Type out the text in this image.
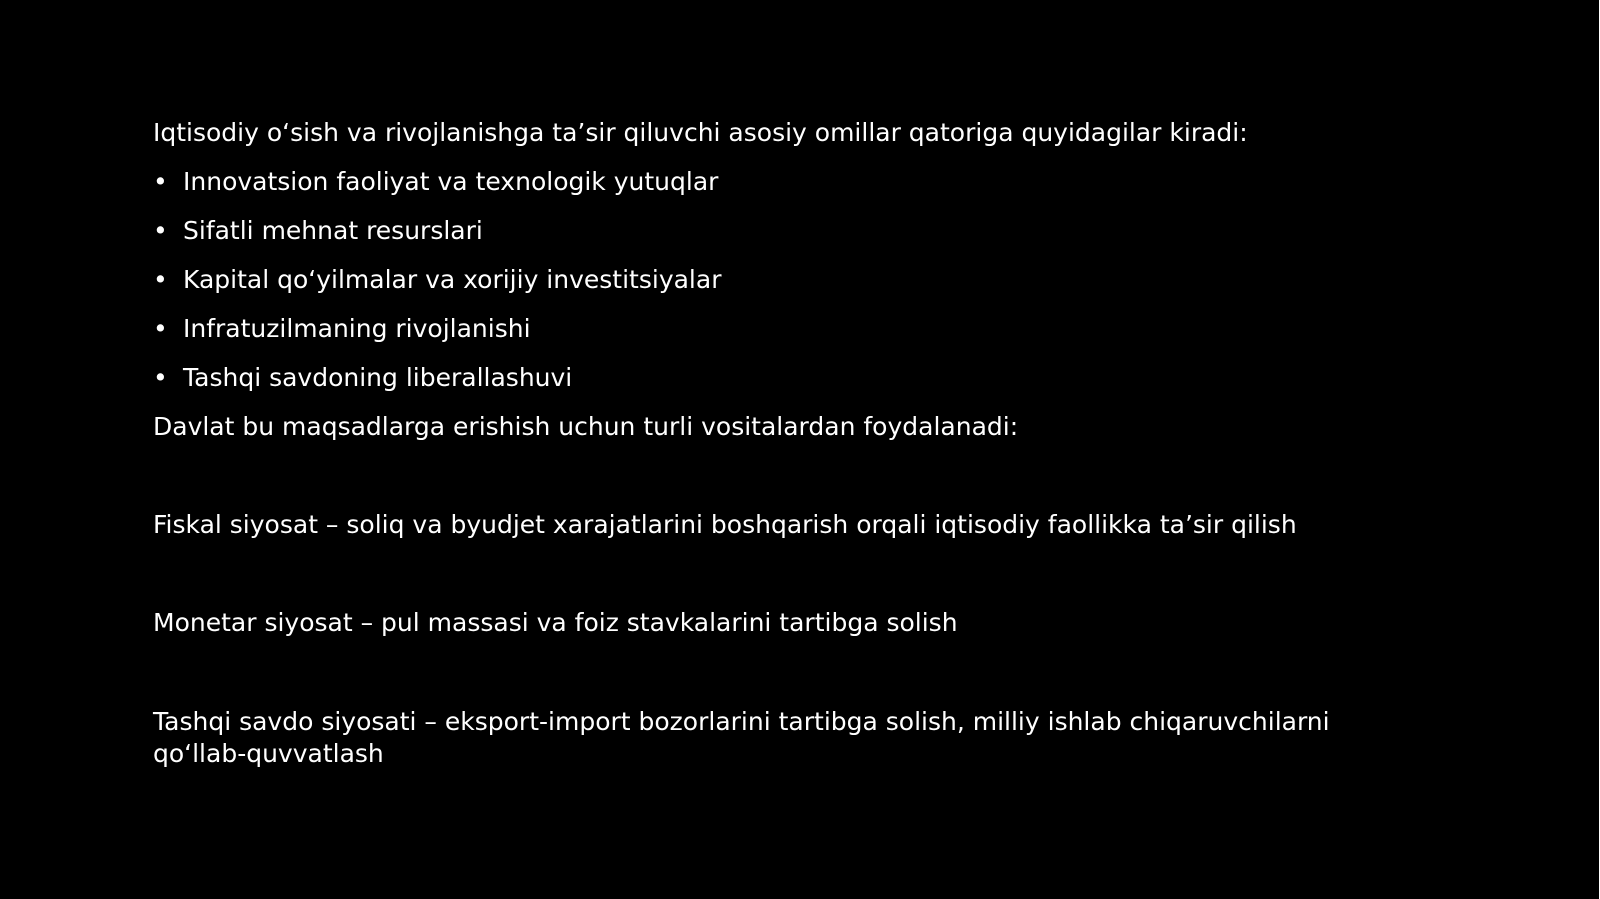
Iqtisodiy o‘sish va rivojlanishga ta’sir qiluvchi asosiy omillar qatoriga quyidagilar kiradi:

• Innovatsion faoliyat va texnologik yutuqlar
• Sifatli mehnat resurslari
• Kapital qo‘yilmalar va xorijiy investitsiyalar
• Infratuzilmaning rivojlanishi
• Tashqi savdoning liberallashuvi

Davlat bu maqsadlarga erishish uchun turli vositalardan foydalanadi:

Fiskal siyosat – soliq va byudjet xarajatlarini boshqarish orqali iqtisodiy faollikka ta’sir qilish

Monetar siyosat – pul massasi va foiz stavkalarini tartibga solish

Tashqi savdo siyosati – eksport-import bozorlarini tartibga solish, milliy ishlab chiqaruvchilarni qo‘llab-quvvatlash
